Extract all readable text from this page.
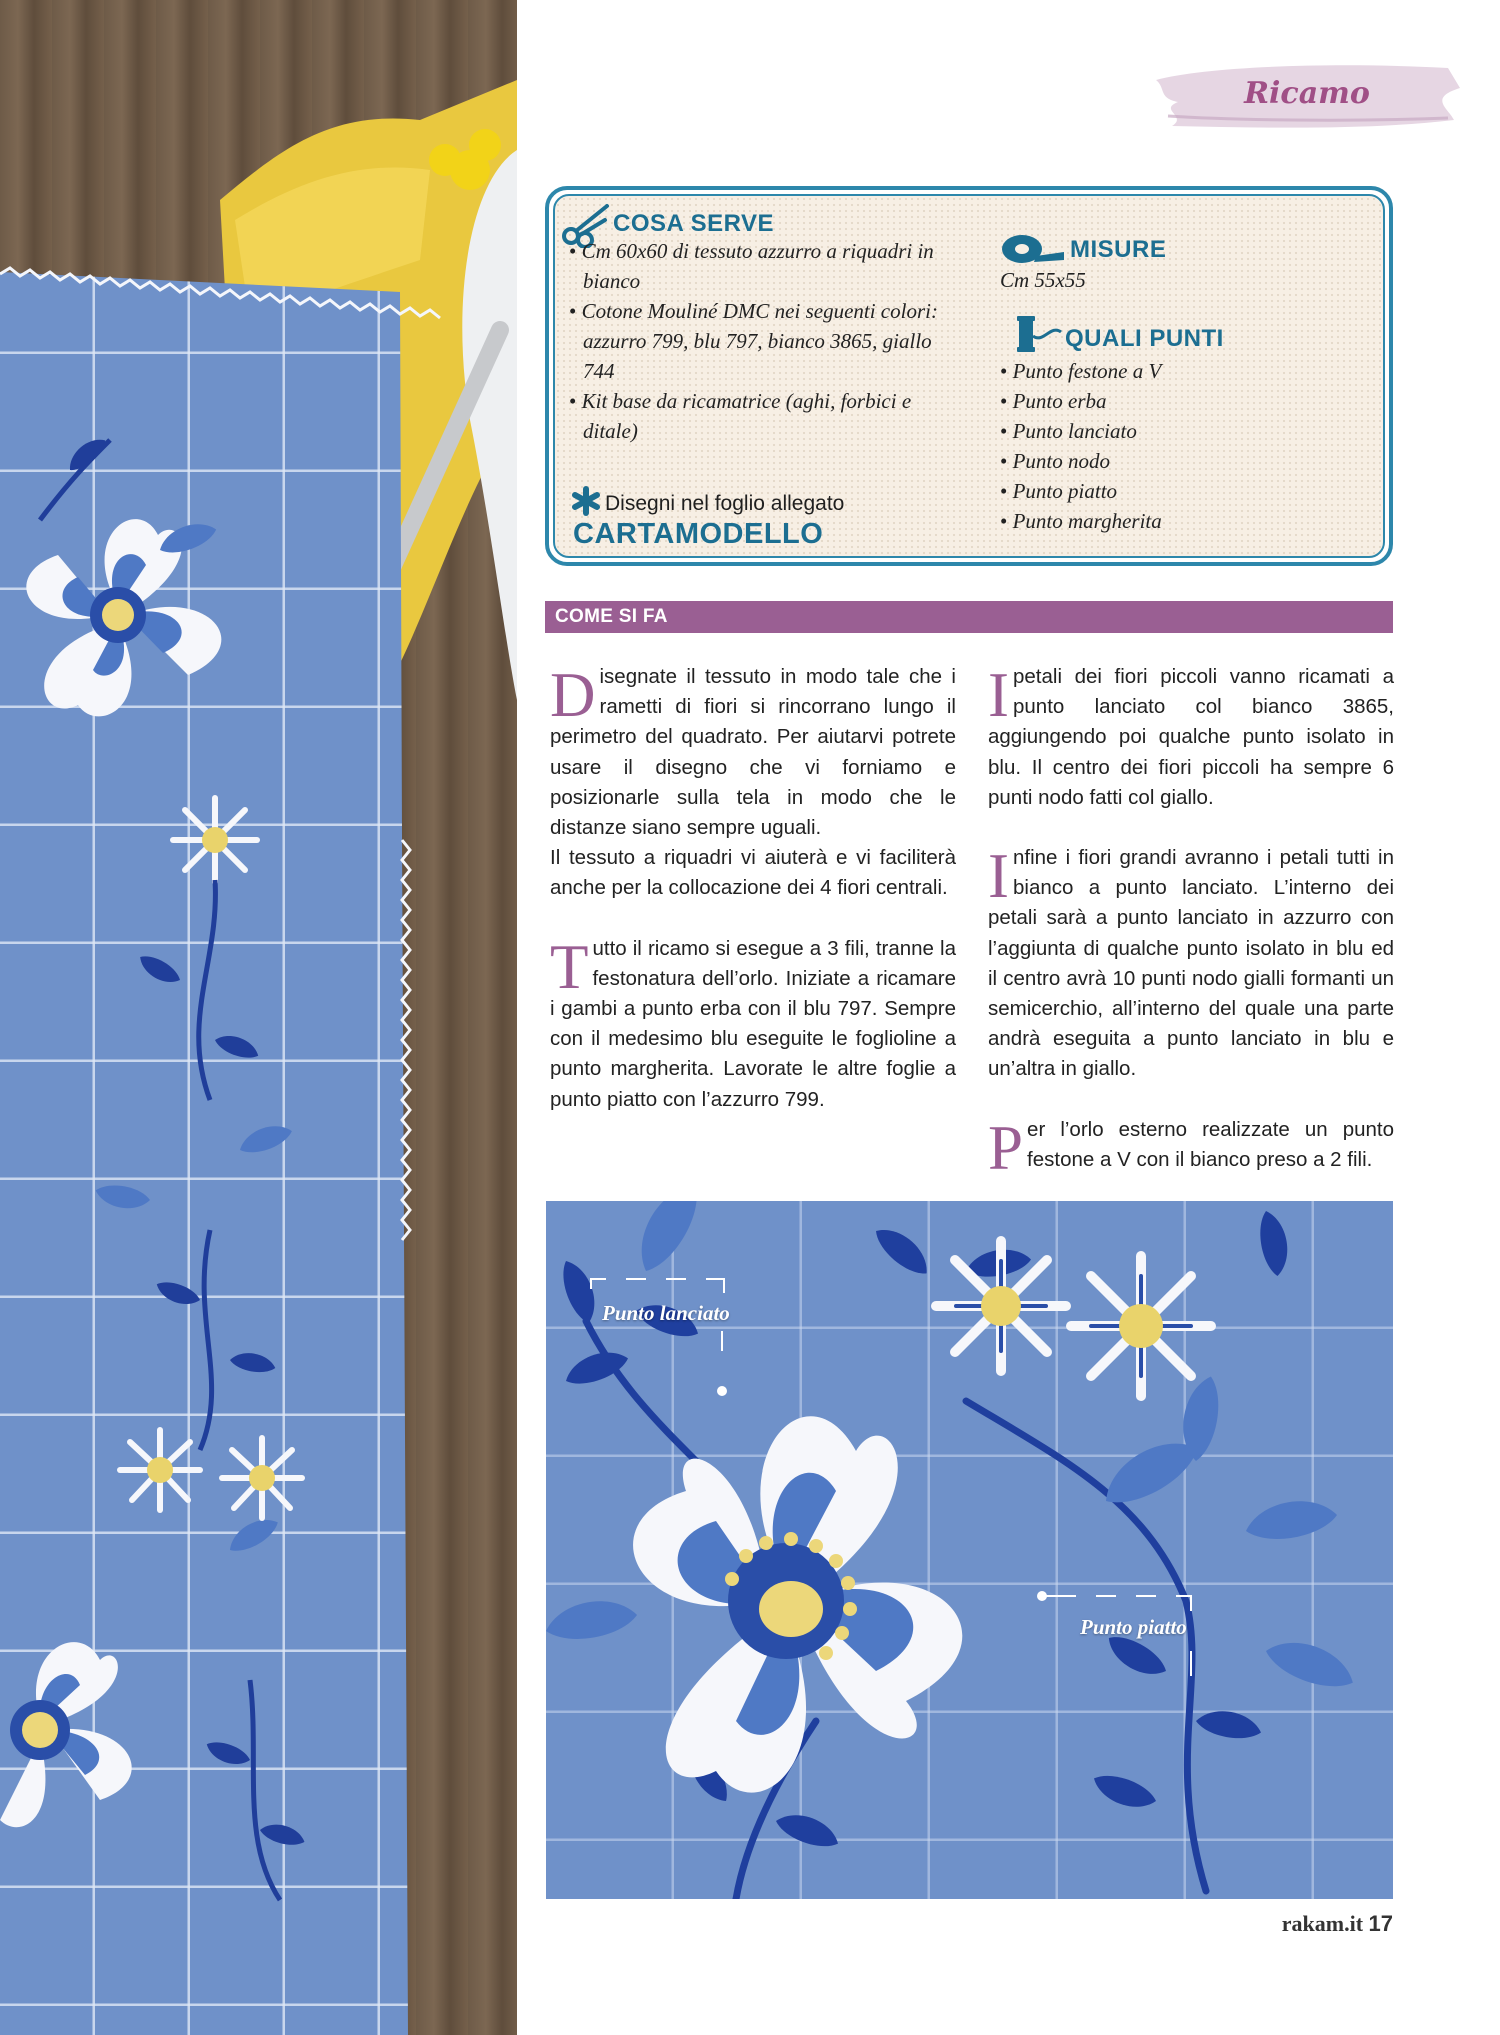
Ricamo
COSA SERVE
• Cm 60x60 di tessuto azzurro a riquadri in bianco
• Cotone Mouliné DMC nei seguenti colori: azzurro 799, blu 797, bianco 3865, giallo 744
• Kit base da ricamatrice (aghi, forbici e ditale)
Disegni nel foglio allegato
CARTAMODELLO
MISURE
Cm 55x55
QUALI PUNTI
• Punto festone a V
• Punto erba
• Punto lanciato
• Punto nodo
• Punto piatto
• Punto margherita
COME SI FA

Disegnate il tessuto in modo tale che i rametti di fiori si rincorrano lungo il perimetro del quadrato. Per aiutarvi potrete usare il disegno che vi forniamo e posizionarle sulla tela in modo che le distanze siano sempre uguali.

Il tessuto a riquadri vi aiuterà e vi faciliterà anche per la collocazione dei 4 fiori centrali.

Tutto il ricamo si esegue a 3 fili, tranne la festonatura dell’orlo. Iniziate a ricamare i gambi a punto erba con il blu 797. Sempre con il medesimo blu eseguite le foglioline a punto margherita. Lavorate le altre foglie a punto piatto con l’azzurro 799.

I petali dei fiori piccoli vanno ricamati a punto lanciato col bianco 3865, aggiungendo poi qualche punto isolato in blu. Il centro dei fiori piccoli ha sempre 6 punti nodo fatti col giallo.

Infine i fiori grandi avranno i petali tutti in bianco a punto lanciato. L’interno dei petali sarà a punto lanciato in azzurro con l’aggiunta di qualche punto isolato in blu ed il centro avrà 10 punti nodo gialli formanti un semicerchio, all’interno del quale una parte andrà eseguita a punto lanciato in blu e un’altra in giallo.

Per l’orlo esterno realizzate un punto festone a V con il bianco preso a 2 fili.

Punto lanciato
Punto piatto
rakam.it 17
